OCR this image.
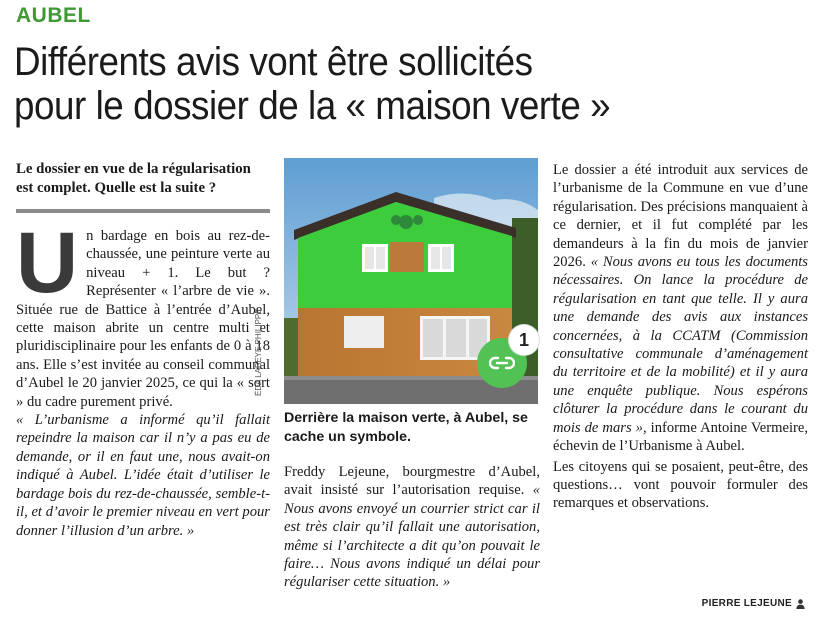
AUBEL
Différents avis vont être sollicités
pour le dossier de la « maison verte »

Le dossier en vue de la régularisation est complet. Quelle est la suite ?

Un bardage en bois au rez-de-chaussée, une peinture verte au niveau + 1. Le but ? Représenter « l’arbre de vie ». Située rue de Battice à l’entrée d’Aubel, cette maison abrite un centre multi et pluridisciplinaire pour les enfants de 0 à 18 ans. Elle s’est invitée au conseil communal d’Aubel le 20 janvier 2025, ce qui la « sort » du cadre purement privé.

« L’urbanisme a informé qu’il fallait repeindre la maison car il n’y a pas eu de demande, or il en faut une, nous avait-on indiqué à Aubel. L’idée était d’utiliser le bardage bois du rez-de-chaussée, semble-t-il, et d’avoir le premier niveau en vert pour donner l’illusion d’un arbre. »

ÉDA LABEYE PHILIPPE	1
Derrière la maison verte, à Aubel, se cache un symbole.

Freddy Lejeune, bourgmestre d’Aubel, avait insisté sur l’autorisation requise. « Nous avons envoyé un courrier strict car il est très clair qu’il fallait une autorisation, même si l’architecte a dit qu’on pouvait le faire… Nous avons indiqué un délai pour régulariser cette situation. »

Le dossier a été introduit aux services de l’urbanisme de la Commune en vue d’une régularisation. Des précisions manquaient à ce dernier, et il fut complété par les demandeurs à la fin du mois de janvier 2026. « Nous avons eu tous les documents nécessaires. On lance la procédure de régularisation en tant que telle. Il y aura une demande des avis aux instances concernées, à la CCATM (Commission consultative communale d’aménagement du territoire et de la mobilité) et il y aura une enquête publique. Nous espérons clôturer la procédure dans le courant du mois de mars », informe Antoine Vermeire, échevin de l’Urbanisme à Aubel.

Les citoyens qui se posaient, peut-être, des questions… vont pouvoir formuler des remarques et observations.

PIERRE LEJEUNE
